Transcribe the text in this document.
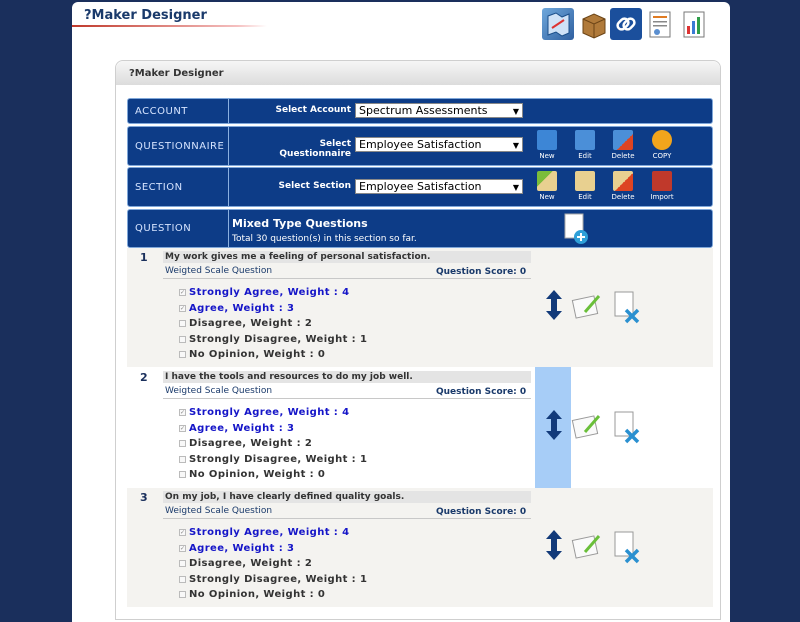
?Maker Designer
?Maker Designer
ACCOUNT	Select Account Spectrum Assessments	▼
QUESTIONNAIRE	Select Questionnaire
Employee Satisfaction	▼
New	Edit	Delete	COPY
SECTION	Select Section Employee Satisfaction	▼
New	Edit	Delete	Import
QUESTION	Mixed Type Questions
Total 30 question(s) in this section so far.
1 My work gives me a feeling of personal satisfaction.
Weigted Scale Question	Question Score: 0
✓ Strongly Agree, Weight : 4
✓ Agree, Weight : 3
Disagree, Weight : 2
Strongly Disagree, Weight : 1
No Opinion, Weight : 0
2 I have the tools and resources to do my job well.
Weigted Scale Question	Question Score: 0
✓ Strongly Agree, Weight : 4
✓ Agree, Weight : 3
Disagree, Weight : 2
Strongly Disagree, Weight : 1
No Opinion, Weight : 0
3 On my job, I have clearly defined quality goals.
Weigted Scale Question	Question Score: 0
✓ Strongly Agree, Weight : 4
✓ Agree, Weight : 3
Disagree, Weight : 2
Strongly Disagree, Weight : 1
No Opinion, Weight : 0
